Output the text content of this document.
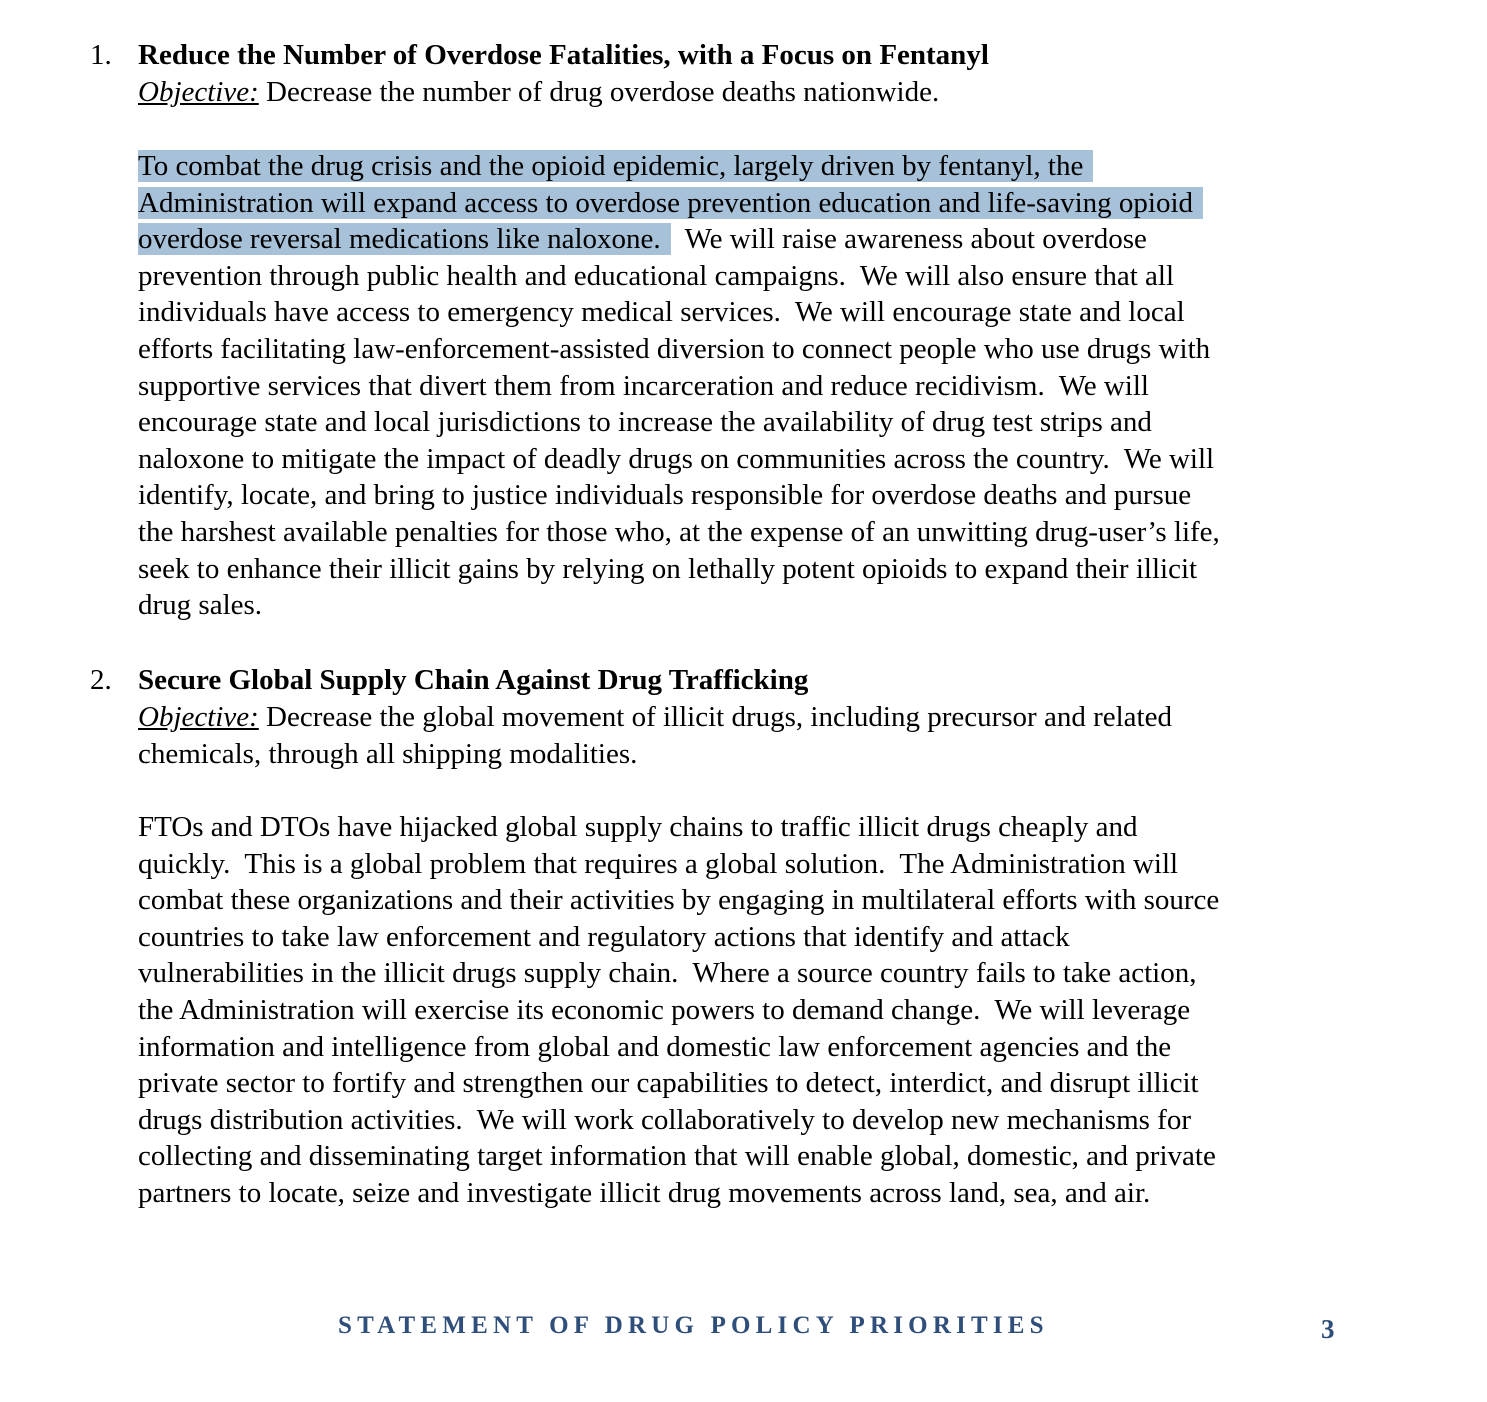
1. Reduce the Number of Overdose Fatalities, with a Focus on Fentanyl
Objective: Decrease the number of drug overdose deaths nationwide.
To combat the drug crisis and the opioid epidemic, largely driven by fentanyl, the
Administration will expand access to overdose prevention education and life-saving opioid
overdose reversal medications like naloxone.  We will raise awareness about overdose
prevention through public health and educational campaigns.  We will also ensure that all
individuals have access to emergency medical services.  We will encourage state and local
efforts facilitating law-enforcement-assisted diversion to connect people who use drugs with
supportive services that divert them from incarceration and reduce recidivism.  We will
encourage state and local jurisdictions to increase the availability of drug test strips and
naloxone to mitigate the impact of deadly drugs on communities across the country.  We will
identify, locate, and bring to justice individuals responsible for overdose deaths and pursue
the harshest available penalties for those who, at the expense of an unwitting drug-user’s life,
seek to enhance their illicit gains by relying on lethally potent opioids to expand their illicit
drug sales.
2. Secure Global Supply Chain Against Drug Trafficking
Objective: Decrease the global movement of illicit drugs, including precursor and related
chemicals, through all shipping modalities.
FTOs and DTOs have hijacked global supply chains to traffic illicit drugs cheaply and
quickly.  This is a global problem that requires a global solution.  The Administration will
combat these organizations and their activities by engaging in multilateral efforts with source
countries to take law enforcement and regulatory actions that identify and attack
vulnerabilities in the illicit drugs supply chain.  Where a source country fails to take action,
the Administration will exercise its economic powers to demand change.  We will leverage
information and intelligence from global and domestic law enforcement agencies and the
private sector to fortify and strengthen our capabilities to detect, interdict, and disrupt illicit
drugs distribution activities.  We will work collaboratively to develop new mechanisms for
collecting and disseminating target information that will enable global, domestic, and private
partners to locate, seize and investigate illicit drug movements across land, sea, and air.
STATEMENT OF DRUG POLICY PRIORITIES	3
